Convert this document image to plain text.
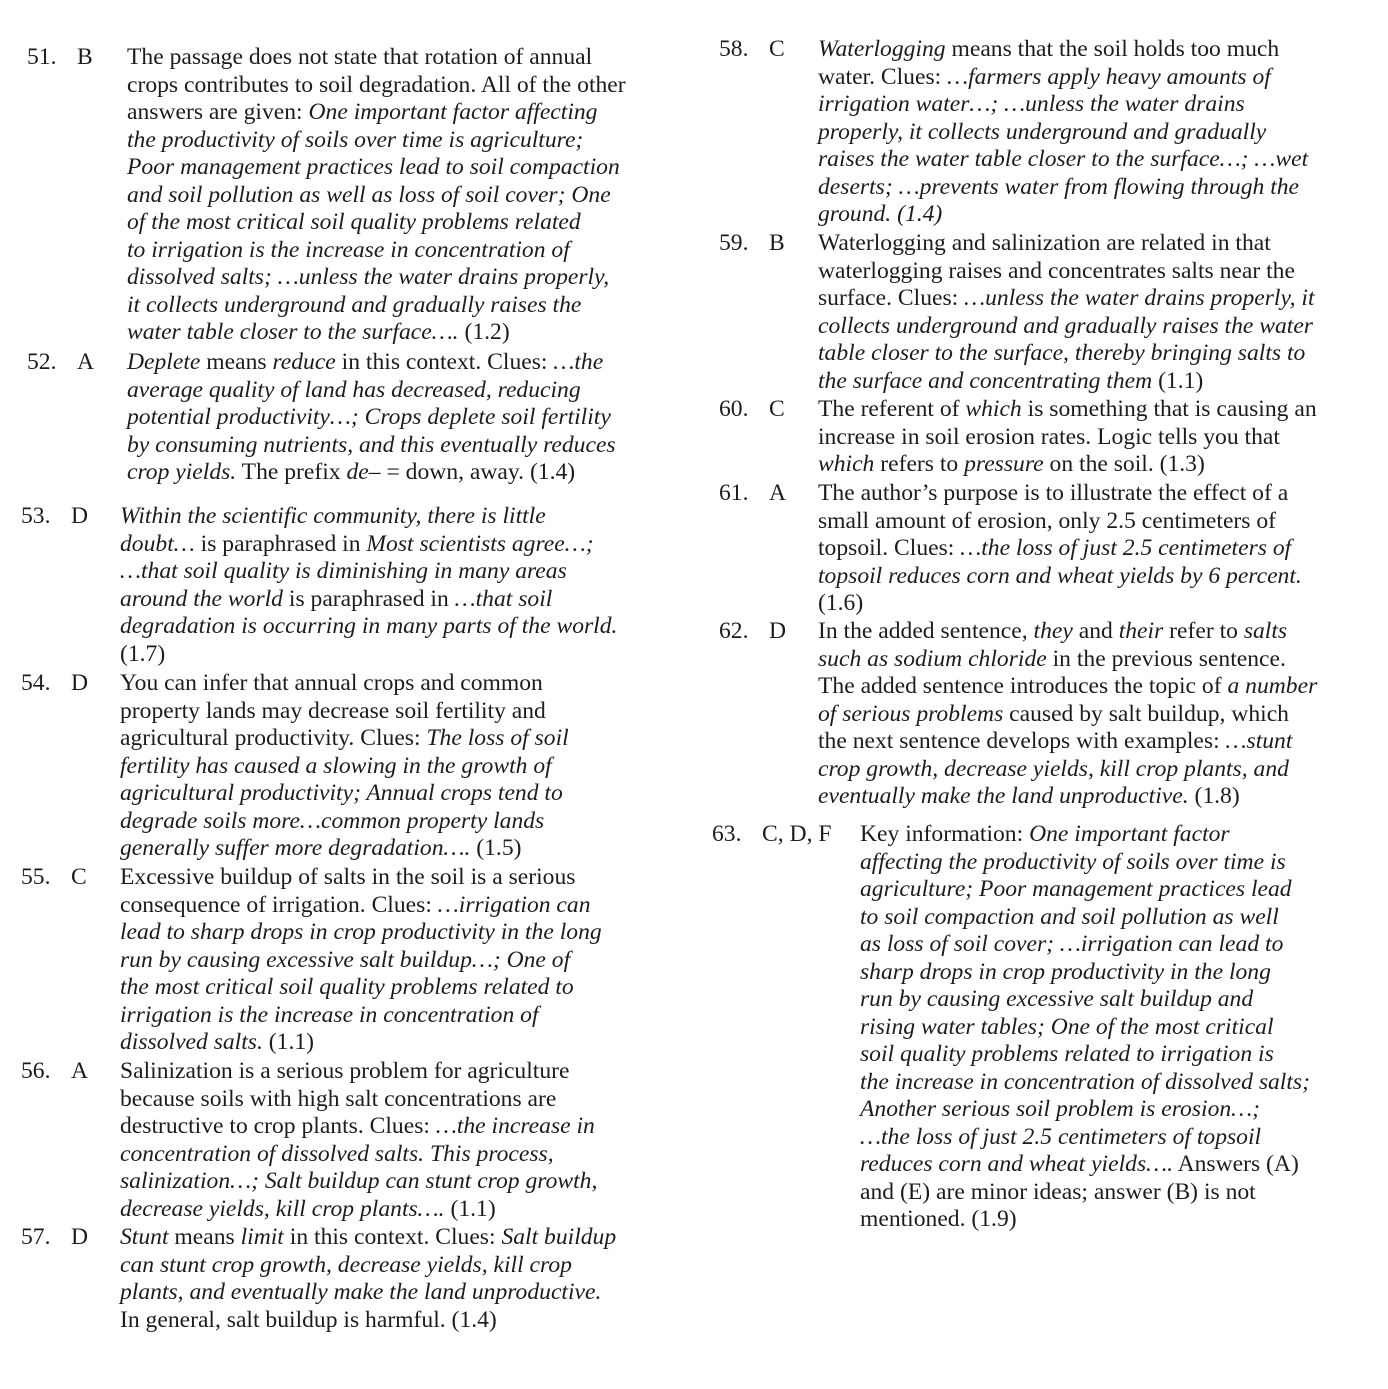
51. B The passage does not state that rotation of annual
crops contributes to soil degradation. All of the other
answers are given: One important factor affecting
the productivity of soils over time is agriculture;
Poor management practices lead to soil compaction
and soil pollution as well as loss of soil cover; One
of the most critical soil quality problems related
to irrigation is the increase in concentration of
dissolved salts; …unless the water drains properly,
it collects underground and gradually raises the
water table closer to the surface…. (1.2)
52. A Deplete means reduce in this context. Clues: …the
average quality of land has decreased, reducing
potential productivity…; Crops deplete soil fertility
by consuming nutrients, and this eventually reduces
crop yields. The prefix de– = down, away. (1.4)
53. D Within the scientific community, there is little
doubt… is paraphrased in Most scientists agree…;
…that soil quality is diminishing in many areas
around the world is paraphrased in …that soil
degradation is occurring in many parts of the world.
(1.7)
54. D You can infer that annual crops and common
property lands may decrease soil fertility and
agricultural productivity. Clues: The loss of soil
fertility has caused a slowing in the growth of
agricultural productivity; Annual crops tend to
degrade soils more…common property lands
generally suffer more degradation…. (1.5)
55. C Excessive buildup of salts in the soil is a serious
consequence of irrigation. Clues: …irrigation can
lead to sharp drops in crop productivity in the long
run by causing excessive salt buildup…; One of
the most critical soil quality problems related to
irrigation is the increase in concentration of
dissolved salts. (1.1)
56. A Salinization is a serious problem for agriculture
because soils with high salt concentrations are
destructive to crop plants. Clues: …the increase in
concentration of dissolved salts. This process,
salinization…; Salt buildup can stunt crop growth,
decrease yields, kill crop plants…. (1.1)
57. D Stunt means limit in this context. Clues: Salt buildup
can stunt crop growth, decrease yields, kill crop
plants, and eventually make the land unproductive.
In general, salt buildup is harmful. (1.4)
58. C Waterlogging means that the soil holds too much
water. Clues: …farmers apply heavy amounts of
irrigation water…; …unless the water drains
properly, it collects underground and gradually
raises the water table closer to the surface…; …wet
deserts; …prevents water from flowing through the
ground. (1.4)
59. B Waterlogging and salinization are related in that
waterlogging raises and concentrates salts near the
surface. Clues: …unless the water drains properly, it
collects underground and gradually raises the water
table closer to the surface, thereby bringing salts to
the surface and concentrating them (1.1)
60. C The referent of which is something that is causing an
increase in soil erosion rates. Logic tells you that
which refers to pressure on the soil. (1.3)
61. A The author’s purpose is to illustrate the effect of a
small amount of erosion, only 2.5 centimeters of
topsoil. Clues: …the loss of just 2.5 centimeters of
topsoil reduces corn and wheat yields by 6 percent.
(1.6)
62. D In the added sentence, they and their refer to salts
such as sodium chloride in the previous sentence.
The added sentence introduces the topic of a number
of serious problems caused by salt buildup, which
the next sentence develops with examples: …stunt
crop growth, decrease yields, kill crop plants, and
eventually make the land unproductive. (1.8)
63. C, D, F Key information: One important factor
affecting the productivity of soils over time is
agriculture; Poor management practices lead
to soil compaction and soil pollution as well
as loss of soil cover; …irrigation can lead to
sharp drops in crop productivity in the long
run by causing excessive salt buildup and
rising water tables; One of the most critical
soil quality problems related to irrigation is
the increase in concentration of dissolved salts;
Another serious soil problem is erosion…;
…the loss of just 2.5 centimeters of topsoil
reduces corn and wheat yields…. Answers (A)
and (E) are minor ideas; answer (B) is not
mentioned. (1.9)
